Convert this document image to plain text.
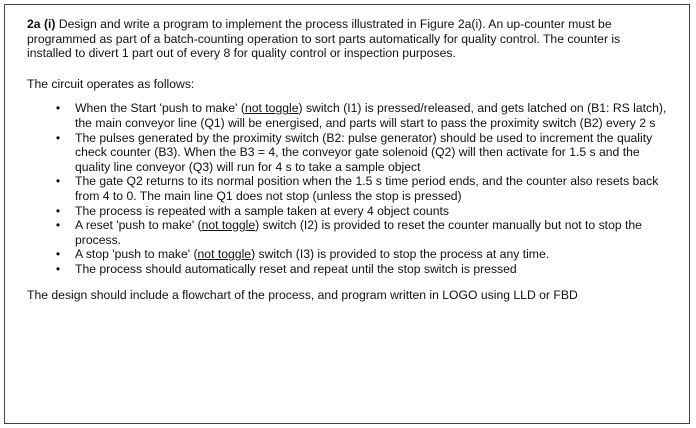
2a (i) Design and write a program to implement the process illustrated in Figure 2a(i). An up-counter must be programmed as part of a batch-counting operation to sort parts automatically for quality control. The counter is installed to divert 1 part out of every 8 for quality control or inspection purposes.

The circuit operates as follows:

• When the Start 'push to make' (not toggle) switch (I1) is pressed/released, and gets latched on (B1: RS latch), the main conveyor line (Q1) will be energised, and parts will start to pass the proximity switch (B2) every 2 s
• The pulses generated by the proximity switch (B2: pulse generator) should be used to increment the quality check counter (B3). When the B3 = 4, the conveyor gate solenoid (Q2) will then activate for 1.5 s and the quality line conveyor (Q3) will run for 4 s to take a sample object
• The gate Q2 returns to its normal position when the 1.5 s time period ends, and the counter also resets back from 4 to 0. The main line Q1 does not stop (unless the stop is pressed)
• The process is repeated with a sample taken at every 4 object counts
• A reset 'push to make' (not toggle) switch (I2) is provided to reset the counter manually but not to stop the process.
• A stop 'push to make' (not toggle) switch (I3) is provided to stop the process at any time.
• The process should automatically reset and repeat until the stop switch is pressed

The design should include a flowchart of the process, and program written in LOGO using LLD or FBD
